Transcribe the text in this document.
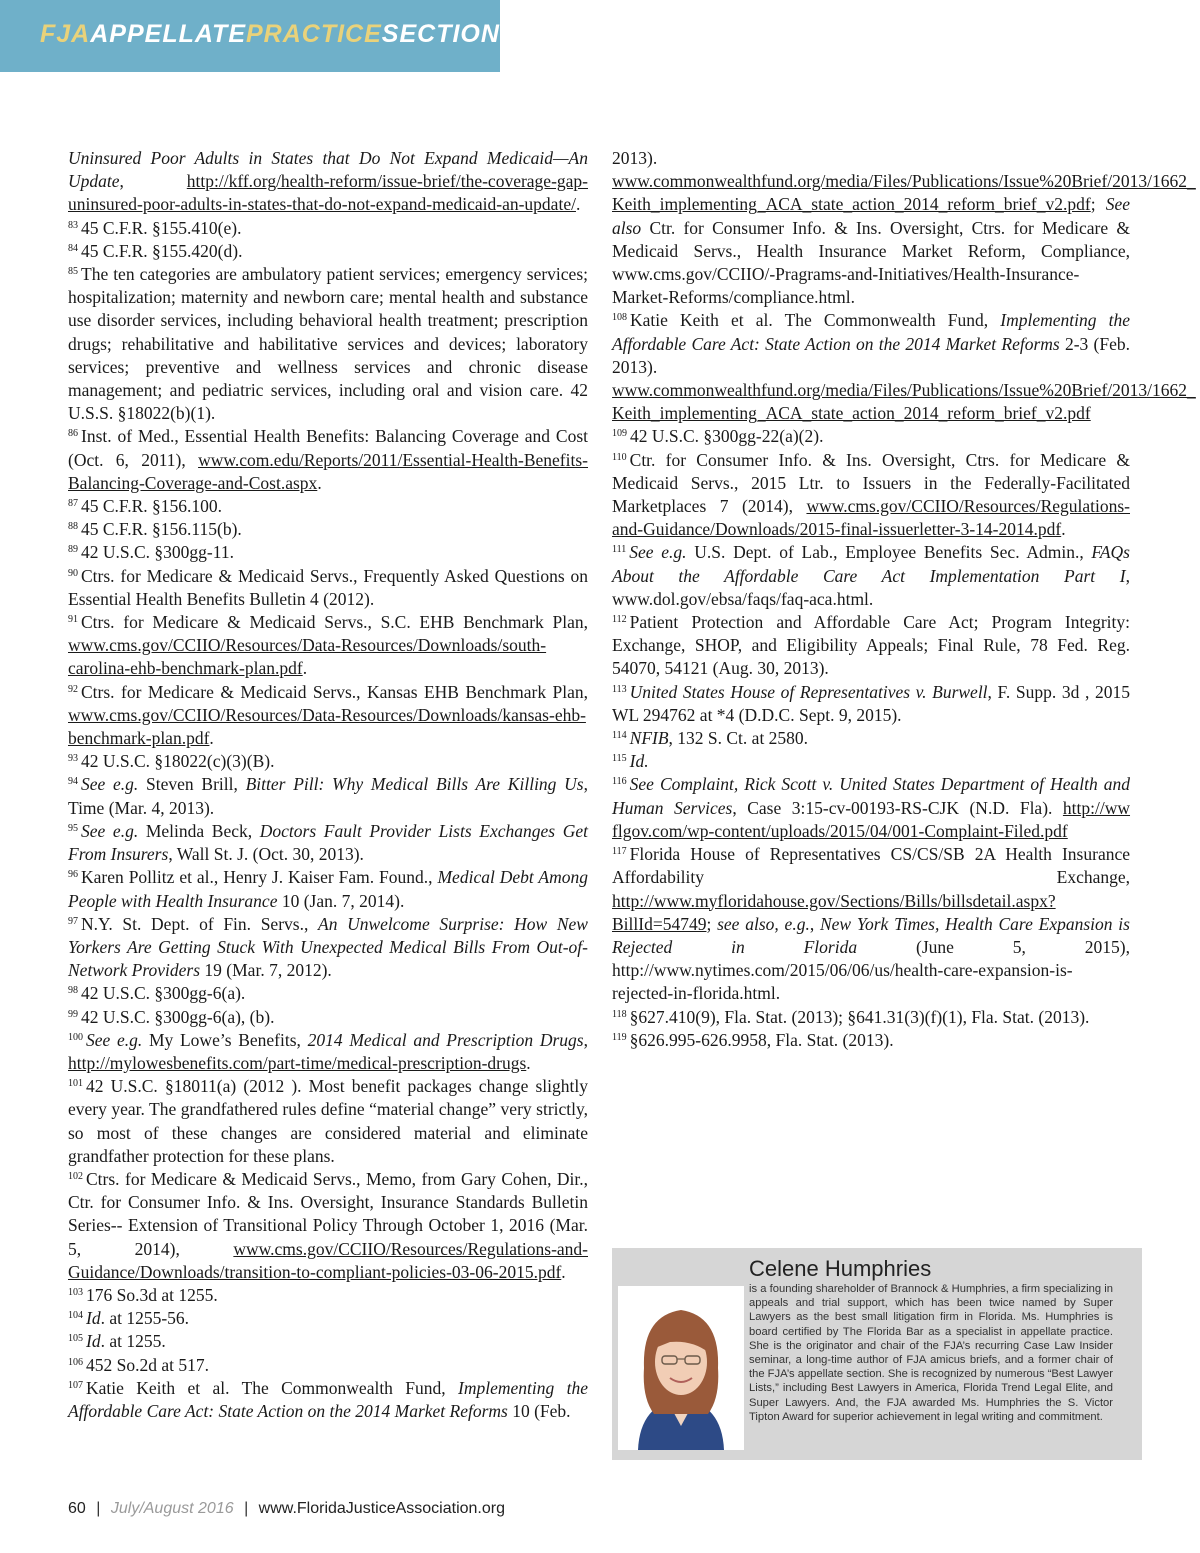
FJAAPPELLATEPRACTICESECTION

Uninsured Poor Adults in States that Do Not Expand Medicaid—An Update, http://kff.org/health-reform/issue-brief/the-coverage-gap-uninsured-poor-adults-in-states-that-do-not-expand-medicaid-an-update/.

$^{83}$ 45 C.F.R. §155.410(e).

$^{84}$ 45 C.F.R. §155.420(d).

$^{85}$ The ten categories are ambulatory patient services; emergency services; hospitalization; maternity and newborn care; mental health and substance use disorder services, including behavioral health treatment; prescription drugs; rehabilitative and habilitative services and devices; laboratory services; preventive and wellness services and chronic disease management; and pediatric services, including oral and vision care. 42 U.S.S. §18022(b)(1).

$^{86}$ Inst. of Med., Essential Health Benefits: Balancing Coverage and Cost (Oct. 6, 2011), www.com.edu/Reports/2011/Essential-Health-Benefits-Balancing-Coverage-and-Cost.aspx.

$^{87}$ 45 C.F.R. §156.100.

$^{88}$ 45 C.F.R. §156.115(b).

$^{89}$ 42 U.S.C. §300gg-11.

$^{90}$ Ctrs. for Medicare & Medicaid Servs., Frequently Asked Questions on Essential Health Benefits Bulletin 4 (2012).

$^{91}$ Ctrs. for Medicare & Medicaid Servs., S.C. EHB Benchmark Plan, www.cms.gov/CCIIO/Resources/Data-Resources/Downloads/south-carolina-ehb-benchmark-plan.pdf.

$^{92}$ Ctrs. for Medicare & Medicaid Servs., Kansas EHB Benchmark Plan, www.cms.gov/CCIIO/Resources/Data-Resources/Downloads/kansas-ehb-benchmark-plan.pdf.

$^{93}$ 42 U.S.C. §18022(c)(3)(B).

$^{94}$ See e.g. Steven Brill, Bitter Pill: Why Medical Bills Are Killing Us, Time (Mar. 4, 2013).

$^{95}$ See e.g. Melinda Beck, Doctors Fault Provider Lists Exchanges Get From Insurers, Wall St. J. (Oct. 30, 2013).

$^{96}$ Karen Pollitz et al., Henry J. Kaiser Fam. Found., Medical Debt Among People with Health Insurance 10 (Jan. 7, 2014).

$^{97}$ N.Y. St. Dept. of Fin. Servs., An Unwelcome Surprise: How New Yorkers Are Getting Stuck With Unexpected Medical Bills From Out-of-Network Providers 19 (Mar. 7, 2012).

$^{98}$ 42 U.S.C. §300gg-6(a).

$^{99}$ 42 U.S.C. §300gg-6(a), (b).

$^{100}$ See e.g. My Lowe’s Benefits, 2014 Medical and Prescription Drugs, http://mylowesbenefits.com/part-time/medical-prescription-drugs.

$^{101}$ 42 U.S.C. §18011(a) (2012 ). Most benefit packages change slightly every year. The grandfathered rules define “material change” very strictly, so most of these changes are considered material and eliminate grandfather protection for these plans.

$^{102}$ Ctrs. for Medicare & Medicaid Servs., Memo, from Gary Cohen, Dir., Ctr. for Consumer Info. & Ins. Oversight, Insurance Standards Bulletin Series-- Extension of Transitional Policy Through October 1, 2016 (Mar. 5, 2014), www.cms.gov/CCIIO/Resources/Regulations-and-Guidance/Downloads/transition-to-compliant-policies-03-06-2015.pdf.

$^{103}$ 176 So.3d at 1255.

$^{104}$ Id. at 1255-56.

$^{105}$ Id. at 1255.

$^{106}$ 452 So.2d at 517.

$^{107}$ Katie Keith et al. The Commonwealth Fund, Implementing the Affordable Care Act: State Action on the 2014 Market Reforms 10 (Feb.

2013). www.commonwealthfund.org/media/Files/Publications/Issue%20Brief/2013/1662_ Keith_implementing_ACA_state_action_2014_reform_brief_v2.pdf; See also Ctr. for Consumer Info. & Ins. Oversight, Ctrs. for Medicare & Medicaid Servs., Health Insurance Market Reform, Compliance, www.cms.gov/CCIIO/-Pragrams-and-Initiatives/Health-Insurance-Market-Reforms/compliance.html.

$^{108}$ Katie Keith et al. The Commonwealth Fund, Implementing the Affordable Care Act: State Action on the 2014 Market Reforms 2-3 (Feb. 2013). www.commonwealthfund.org/media/Files/Publications/Issue%20Brief/2013/1662_ Keith_implementing_ACA_state_action_2014_reform_brief_v2.pdf

$^{109}$ 42 U.S.C. §300gg-22(a)(2).

$^{110}$ Ctr. for Consumer Info. & Ins. Oversight, Ctrs. for Medicare & Medicaid Servs., 2015 Ltr. to Issuers in the Federally-Facilitated Marketplaces 7 (2014), www.cms.gov/CCIIO/Resources/Regulations-and-Guidance/Downloads/2015-final-issuerletter-3-14-2014.pdf.

$^{111}$ See e.g. U.S. Dept. of Lab., Employee Benefits Sec. Admin., FAQs About the Affordable Care Act Implementation Part I, www.dol.gov/ebsa/faqs/faq-aca.html.

$^{112}$ Patient Protection and Affordable Care Act; Program Integrity: Exchange, SHOP, and Eligibility Appeals; Final Rule, 78 Fed. Reg. 54070, 54121 (Aug. 30, 2013).

$^{113}$ United States House of Representatives v. Burwell, F. Supp. 3d , 2015 WL 294762 at *4 (D.D.C. Sept. 9, 2015).

$^{114}$ NFIB, 132 S. Ct. at 2580.

$^{115}$ Id.

$^{116}$ See Complaint, Rick Scott v. United States Department of Health and Human Services, Case 3:15-cv-00193-RS-CJK (N.D. Fla). http://ww flgov.com/wp-content/uploads/2015/04/001-Complaint-Filed.pdf

$^{117}$ Florida House of Representatives CS/CS/SB 2A Health Insurance Affordability Exchange, http://www.myfloridahouse.gov/Sections/Bills/billsdetail.aspx?BillId=54749; see also, e.g., New York Times, Health Care Expansion is Rejected in Florida (June 5, 2015), http://www.nytimes.com/2015/06/06/us/health-care-expansion-is-rejected-in-florida.html.

$^{118}$ §627.410(9), Fla. Stat. (2013); §641.31(3)(f)(1), Fla. Stat. (2013).

$^{119}$ §626.995-626.9958, Fla. Stat. (2013).

Celene Humphries
is a founding shareholder of Brannock & Humphries, a firm specializing in appeals and trial support, which has been twice named by Super Lawyers as the best small litigation firm in Florida. Ms. Humphries is board certified by The Florida Bar as a specialist in appellate practice. She is the originator and chair of the FJA’s recurring Case Law Insider seminar, a long-time author of FJA amicus briefs, and a former chair of the FJA’s appellate section. She is recognized by numerous “Best Lawyer Lists,” including Best Lawyers in America, Florida Trend Legal Elite, and Super Lawyers. And, the FJA awarded Ms. Humphries the S. Victor Tipton Award for superior achievement in legal writing and commitment.
60 | July/August 2016 | www.FloridaJusticeAssociation.org
